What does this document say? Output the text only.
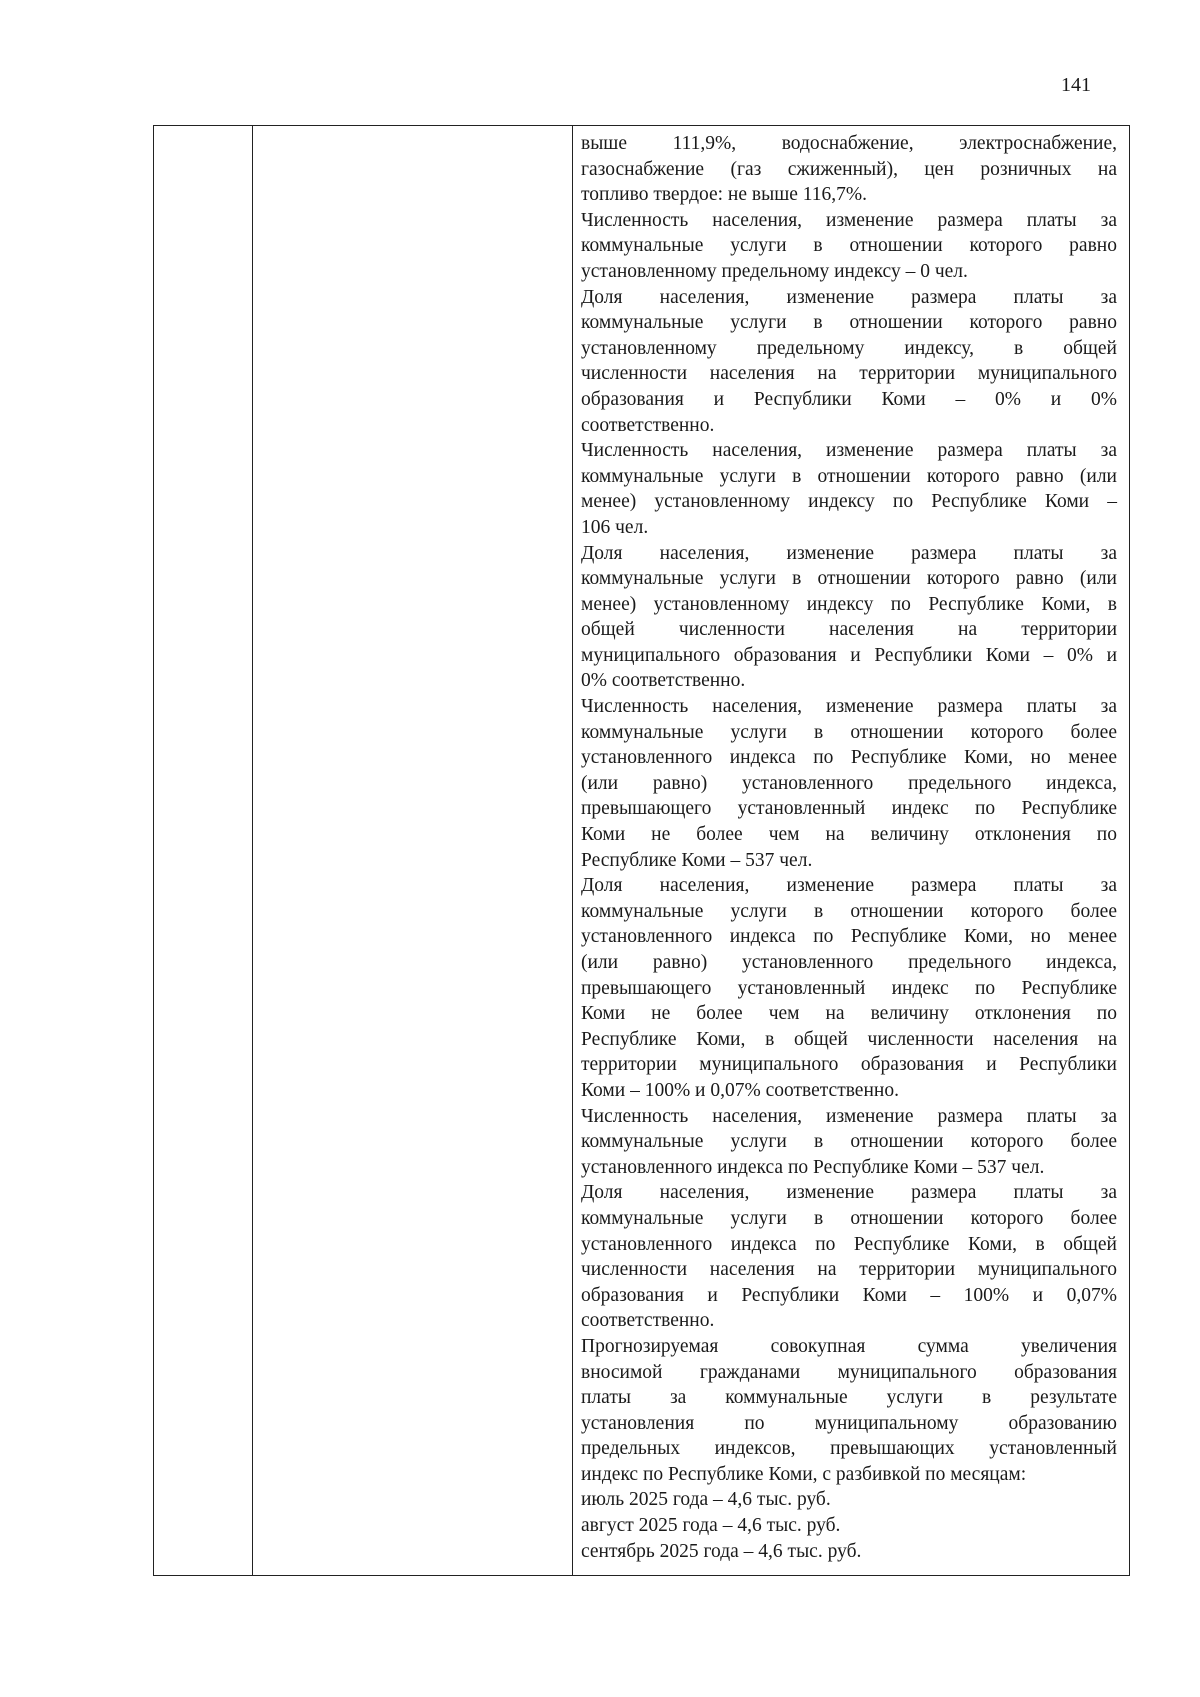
141
выше 111,9%, водоснабжение, электроснабжение,
газоснабжение (газ сжиженный), цен розничных на
топливо твердое: не выше 116,7%.
Численность населения, изменение размера платы за
коммунальные услуги в отношении которого равно
установленному предельному индексу – 0 чел.
Доля населения, изменение размера платы за
коммунальные услуги в отношении которого равно
установленному предельному индексу, в общей
численности населения на территории муниципального
образования и Республики Коми – 0% и 0%
соответственно.
Численность населения, изменение размера платы за
коммунальные услуги в отношении которого равно (или
менее) установленному индексу по Республике Коми –
106 чел.
Доля населения, изменение размера платы за
коммунальные услуги в отношении которого равно (или
менее) установленному индексу по Республике Коми, в
общей численности населения на территории
муниципального образования и Республики Коми – 0% и
0% соответственно.
Численность населения, изменение размера платы за
коммунальные услуги в отношении которого более
установленного индекса по Республике Коми, но менее
(или равно) установленного предельного индекса,
превышающего установленный индекс по Республике
Коми не более чем на величину отклонения по
Республике Коми – 537 чел.
Доля населения, изменение размера платы за
коммунальные услуги в отношении которого более
установленного индекса по Республике Коми, но менее
(или равно) установленного предельного индекса,
превышающего установленный индекс по Республике
Коми не более чем на величину отклонения по
Республике Коми, в общей численности населения на
территории муниципального образования и Республики
Коми – 100% и 0,07% соответственно.
Численность населения, изменение размера платы за
коммунальные услуги в отношении которого более
установленного индекса по Республике Коми – 537 чел.
Доля населения, изменение размера платы за
коммунальные услуги в отношении которого более
установленного индекса по Республике Коми, в общей
численности населения на территории муниципального
образования и Республики Коми – 100% и 0,07%
соответственно.
Прогнозируемая совокупная сумма увеличения
вносимой гражданами муниципального образования
платы за коммунальные услуги в результате
установления по муниципальному образованию
предельных индексов, превышающих установленный
индекс по Республике Коми, с разбивкой по месяцам:
июль 2025 года – 4,6 тыс. руб.
август 2025 года – 4,6 тыс. руб.
сентябрь 2025 года – 4,6 тыс. руб.
